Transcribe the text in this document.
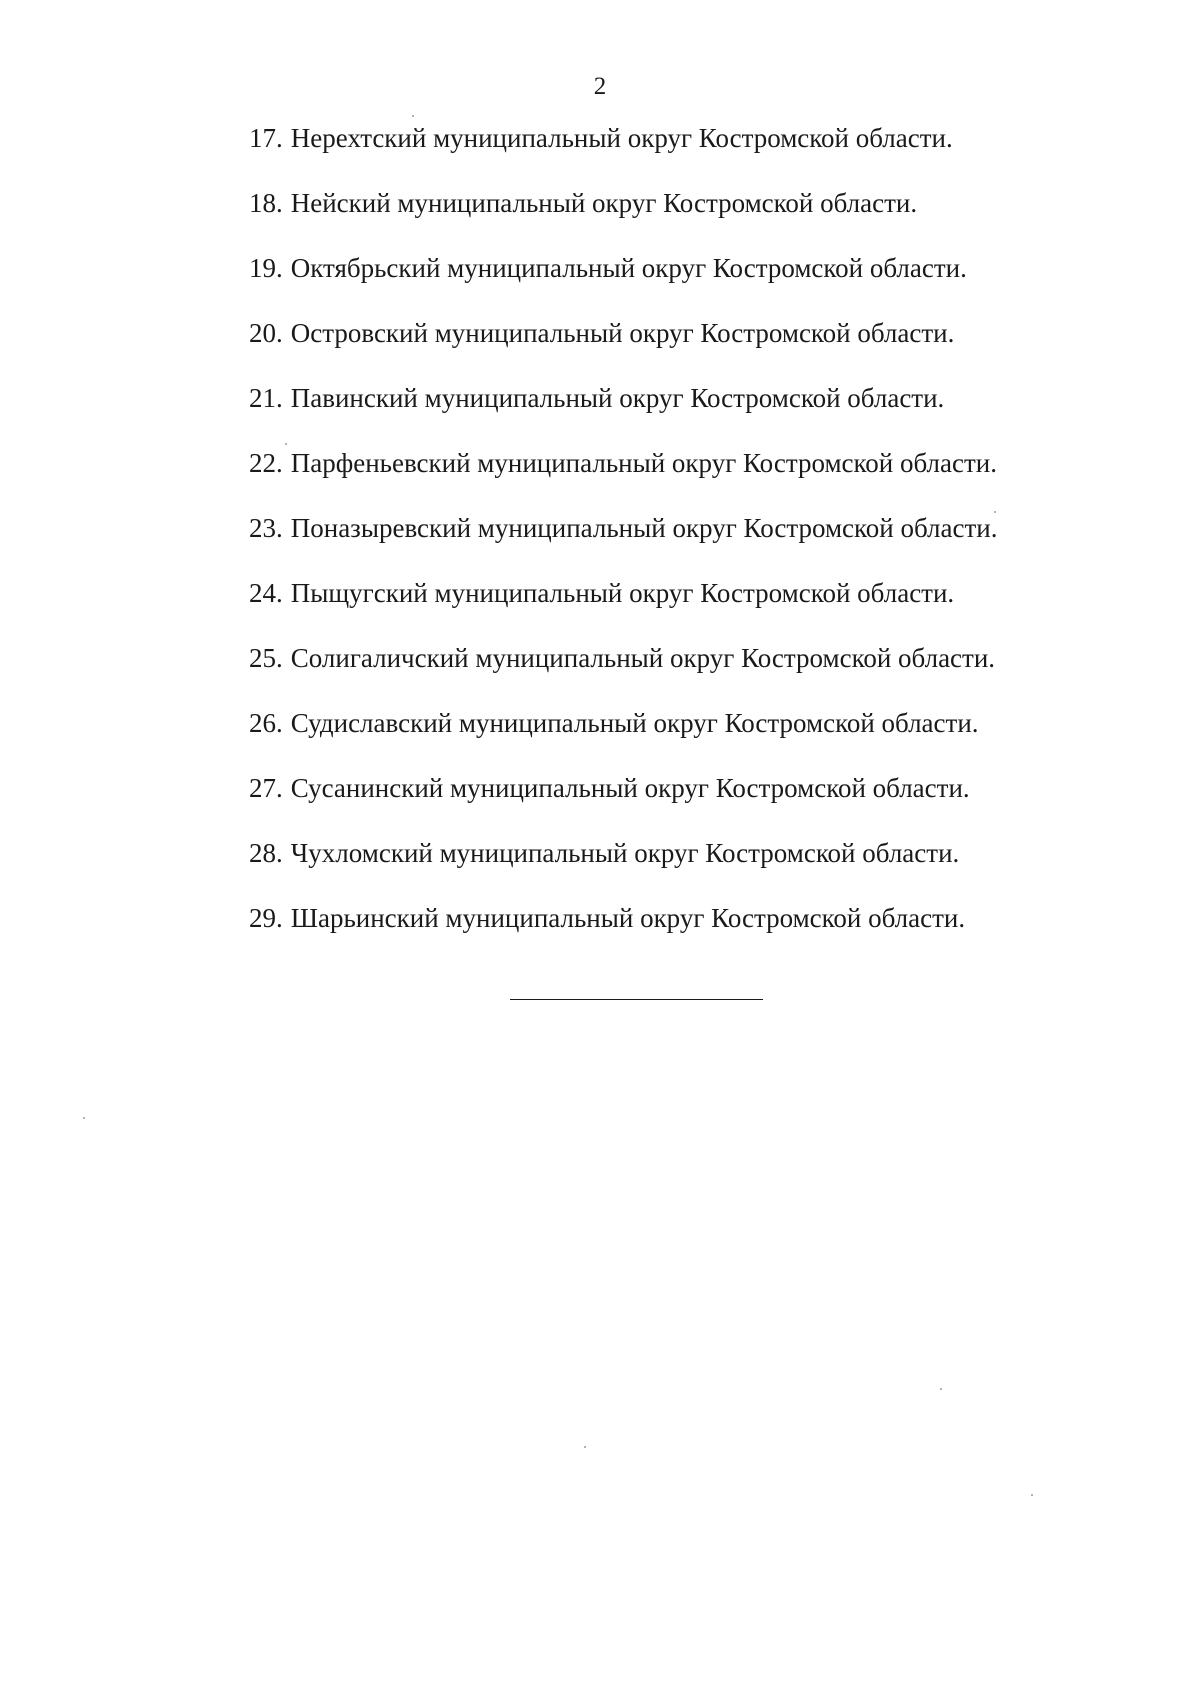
2
17. Нерехтский муниципальный округ Костромской области.
18. Нейский муниципальный округ Костромской области.
19. Октябрьский муниципальный округ Костромской области.
20. Островский муниципальный округ Костромской области.
21. Павинский муниципальный округ Костромской области.
22. Парфеньевский муниципальный округ Костромской области.
23. Поназыревский муниципальный округ Костромской области.
24. Пыщугский муниципальный округ Костромской области.
25. Солигаличский муниципальный округ Костромской области.
26. Судиславский муниципальный округ Костромской области.
27. Сусанинский муниципальный округ Костромской области.
28. Чухломский муниципальный округ Костромской области.
29. Шарьинский муниципальный округ Костромской области.
